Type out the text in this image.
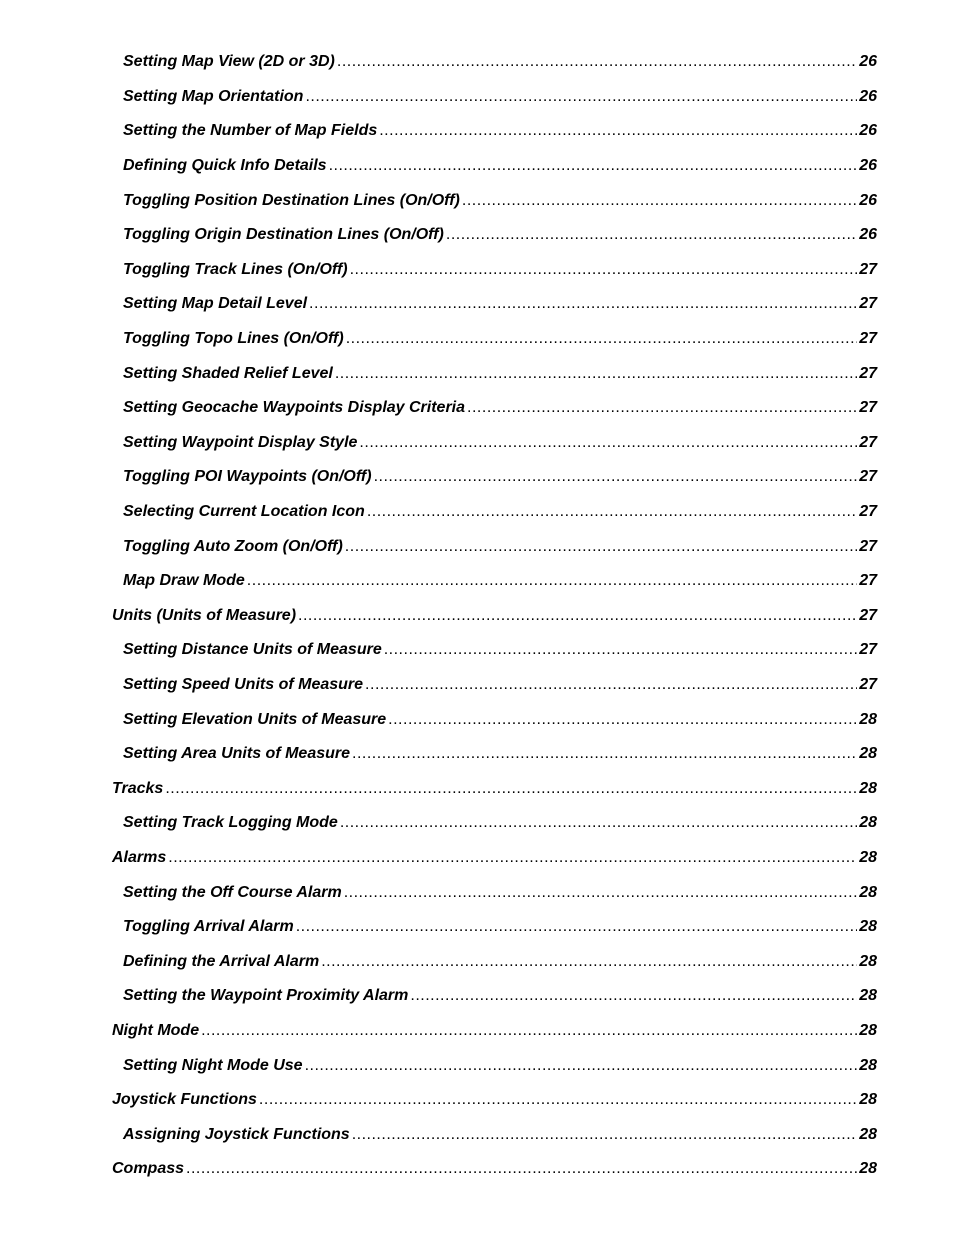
Setting Map View (2D or 3D) .....	26
Setting Map Orientation .....	26
Setting the Number of Map Fields .....	26
Defining Quick Info Details .....	26
Toggling Position Destination Lines (On/Off) .....	26
Toggling Origin Destination Lines (On/Off) .....	26
Toggling Track Lines (On/Off) .....	27
Setting Map Detail Level .....	27
Toggling Topo Lines (On/Off) .....	27
Setting Shaded Relief Level .....	27
Setting Geocache Waypoints Display Criteria .....	27
Setting Waypoint Display Style .....	27
Toggling POI Waypoints (On/Off) .....	27
Selecting Current Location Icon .....	27
Toggling Auto Zoom (On/Off) .....	27
Map Draw Mode .....	27
Units (Units of Measure) .....	27
Setting Distance Units of Measure .....	27
Setting Speed Units of Measure .....	27
Setting Elevation Units of Measure .....	28
Setting Area Units of Measure .....	28
Tracks .....	28
Setting Track Logging Mode .....	28
Alarms .....	28
Setting the Off Course Alarm .....	28
Toggling Arrival Alarm .....	28
Defining the Arrival Alarm .....	28
Setting the Waypoint Proximity Alarm .....	28
Night Mode .....	28
Setting Night Mode Use .....	28
Joystick Functions .....	28
Assigning Joystick Functions .....	28
Compass .....	28
